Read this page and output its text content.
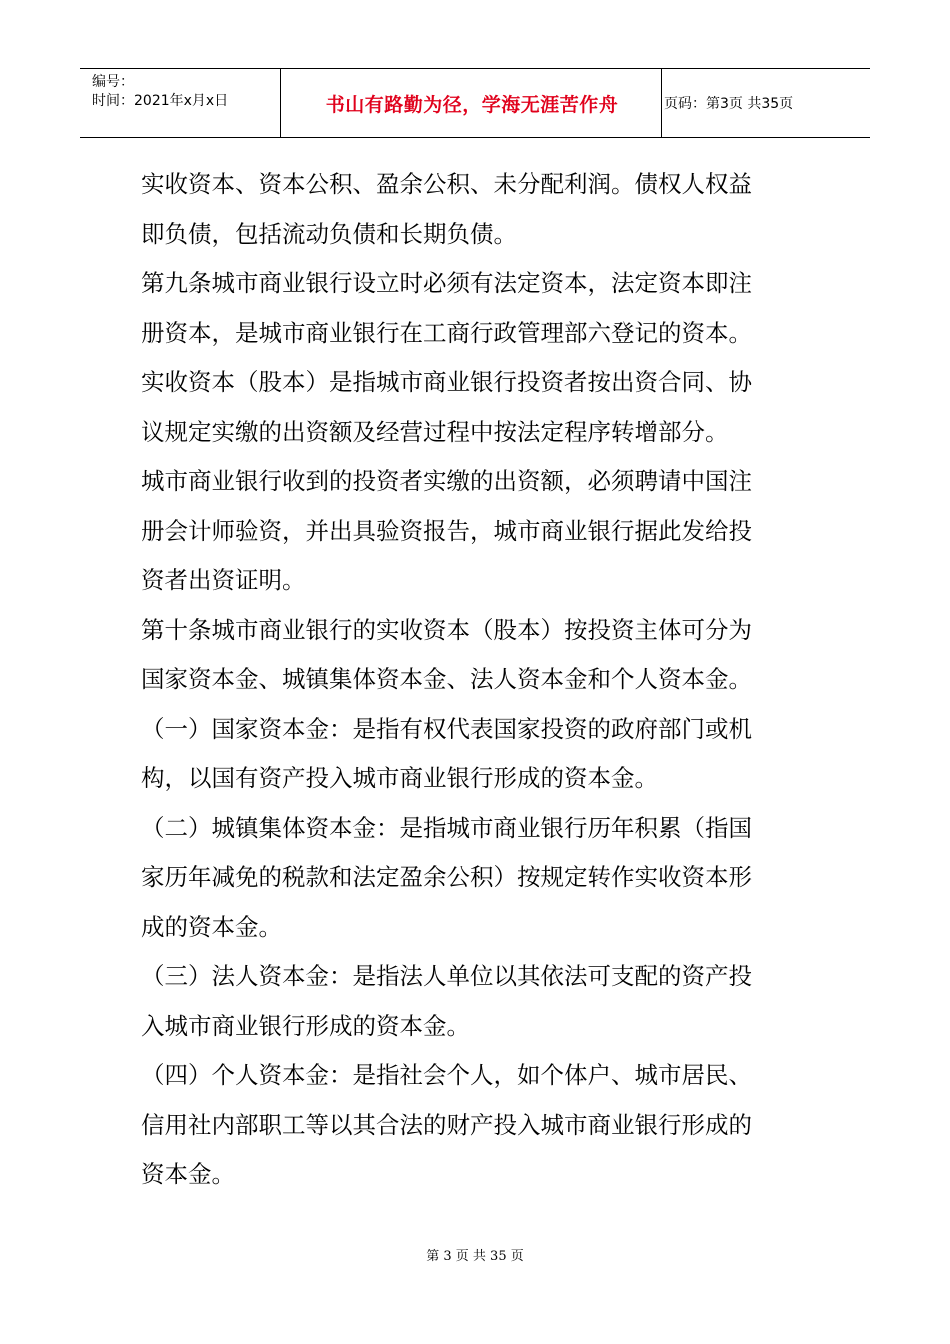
编号：
时间：2021年x月x日	书山有路勤为径，学海无涯苦作舟	页码：第3页 共35页
实收资本、资本公积、盈余公积、未分配利润。债权人权益
即负债，包括流动负债和长期负债。
第九条城市商业银行设立时必须有法定资本，法定资本即注
册资本，是城市商业银行在工商行政管理部六登记的资本。
实收资本（股本）是指城市商业银行投资者按出资合同、协
议规定实缴的出资额及经营过程中按法定程序转增部分。
城市商业银行收到的投资者实缴的出资额，必须聘请中国注
册会计师验资，并出具验资报告，城市商业银行据此发给投
资者出资证明。
第十条城市商业银行的实收资本（股本）按投资主体可分为
国家资本金、城镇集体资本金、法人资本金和个人资本金。
（一）国家资本金：是指有权代表国家投资的政府部门或机
构，以国有资产投入城市商业银行形成的资本金。
（二）城镇集体资本金：是指城市商业银行历年积累（指国
家历年减免的税款和法定盈余公积）按规定转作实收资本形
成的资本金。
（三）法人资本金：是指法人单位以其依法可支配的资产投
入城市商业银行形成的资本金。
（四）个人资本金：是指社会个人，如个体户、城市居民、
信用社内部职工等以其合法的财产投入城市商业银行形成的
资本金。
第 3 页 共 35 页
